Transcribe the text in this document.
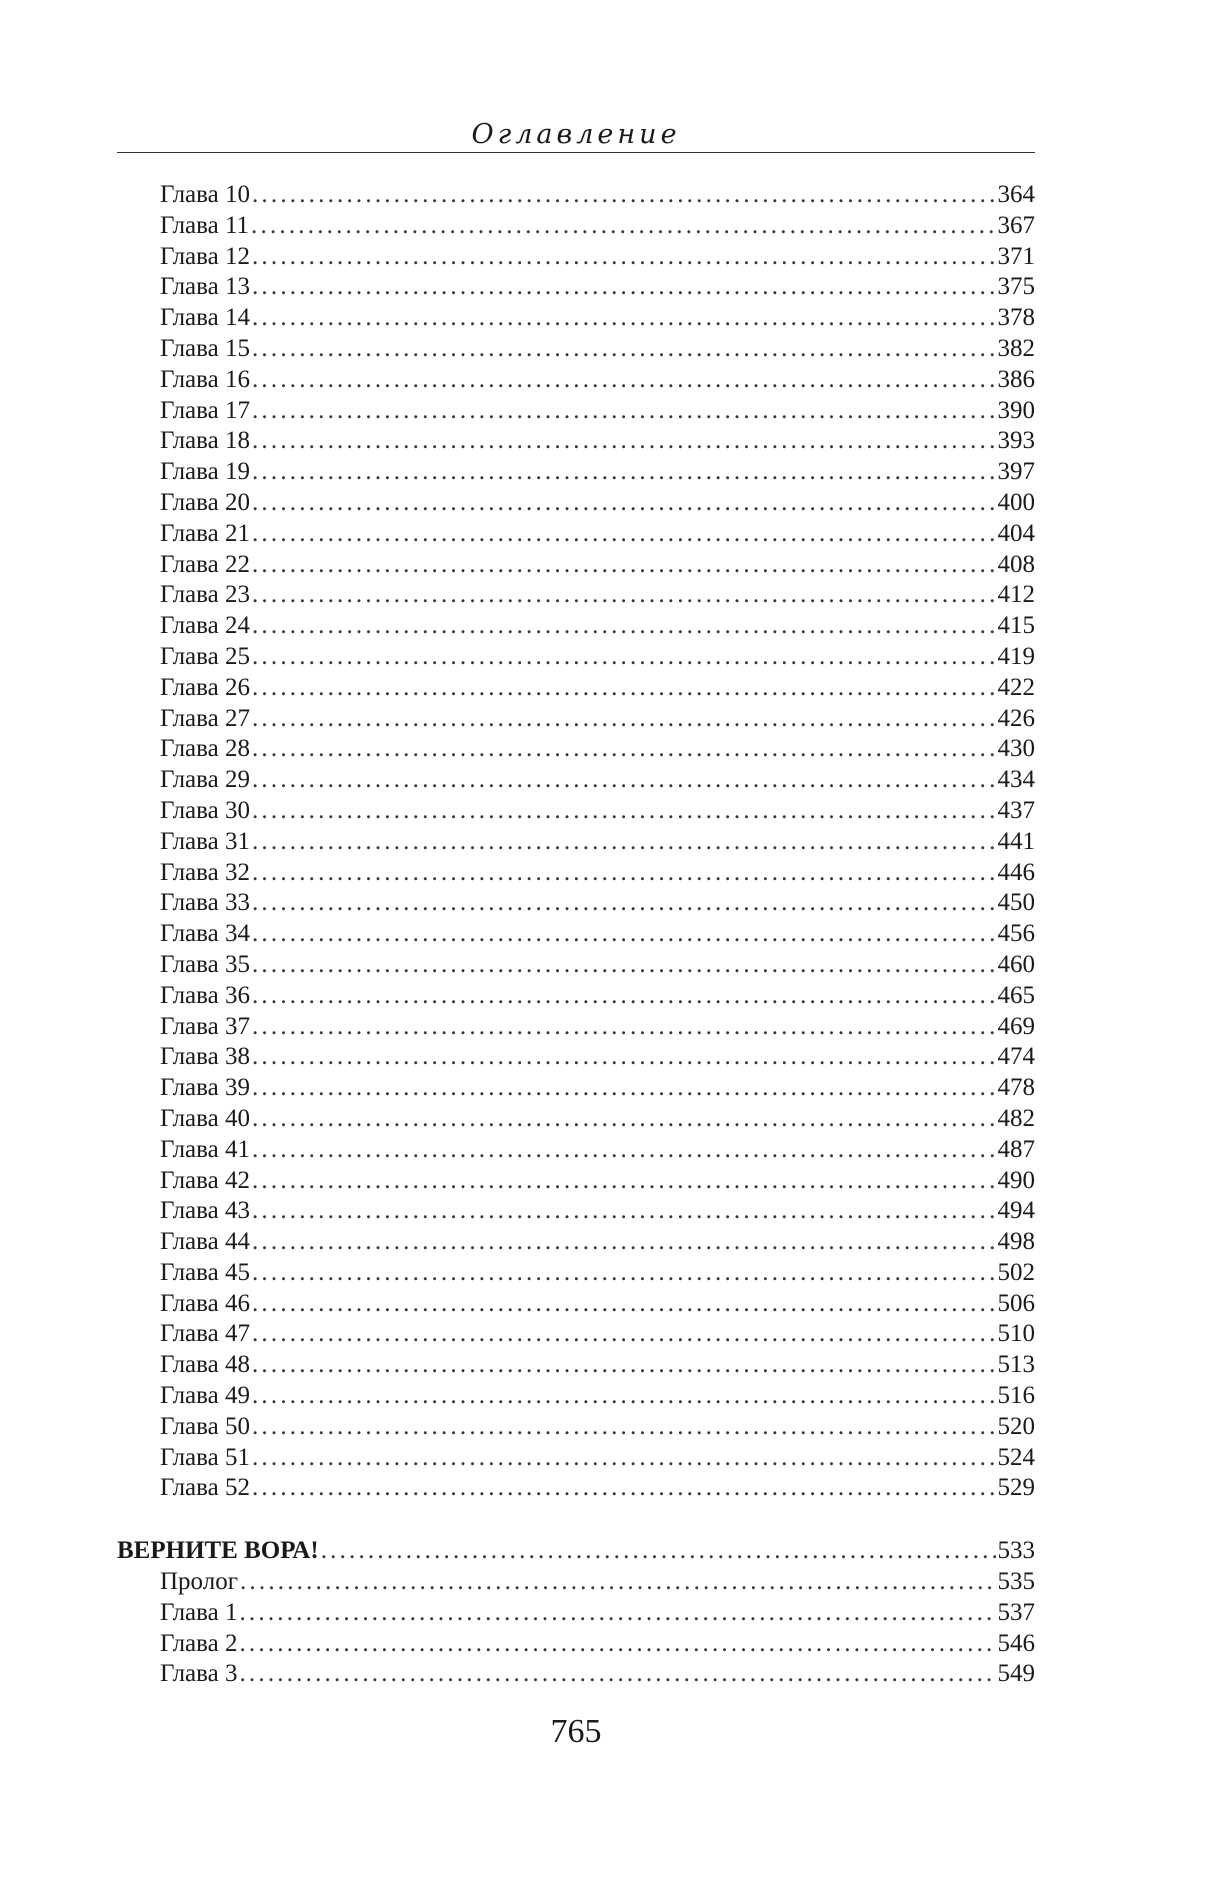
Оглавление
Глава 10 .....	364
Глава 11 .....	367
Глава 12 .....	371
Глава 13 .....	375
Глава 14 .....	378
Глава 15 .....	382
Глава 16 .....	386
Глава 17 .....	390
Глава 18 .....	393
Глава 19 .....	397
Глава 20 .....	400
Глава 21 .....	404
Глава 22 .....	408
Глава 23 .....	412
Глава 24 .....	415
Глава 25 .....	419
Глава 26 .....	422
Глава 27 .....	426
Глава 28 .....	430
Глава 29 .....	434
Глава 30 .....	437
Глава 31 .....	441
Глава 32 .....	446
Глава 33 .....	450
Глава 34 .....	456
Глава 35 .....	460
Глава 36 .....	465
Глава 37 .....	469
Глава 38 .....	474
Глава 39 .....	478
Глава 40 .....	482
Глава 41 .....	487
Глава 42 .....	490
Глава 43 .....	494
Глава 44 .....	498
Глава 45 .....	502
Глава 46 .....	506
Глава 47 .....	510
Глава 48 .....	513
Глава 49 .....	516
Глава 50 .....	520
Глава 51 .....	524
Глава 52 .....	529
ВЕРНИТЕ ВОРА! .....	533
Пролог .....	535
Глава 1 .....	537
Глава 2 .....	546
Глава 3 .....	549
765
